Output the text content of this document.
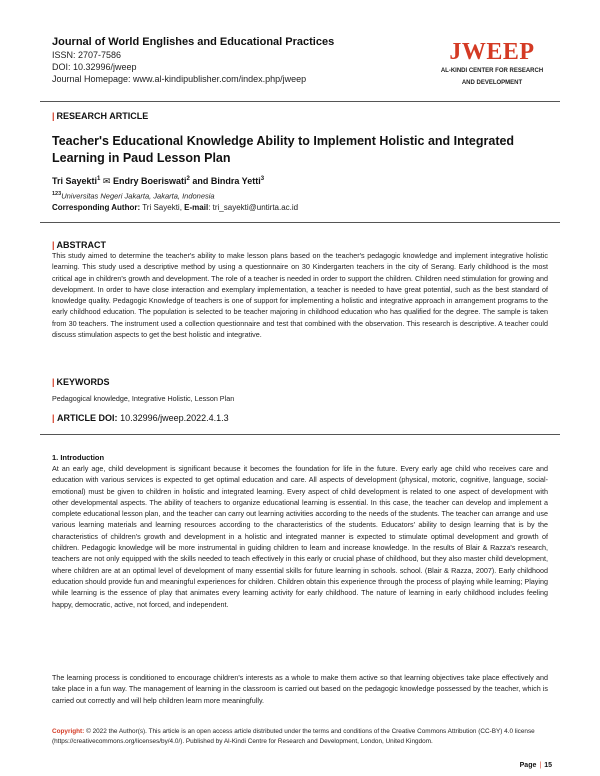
Journal of World Englishes and Educational Practices
ISSN: 2707-7586
DOI: 10.32996/jweep
Journal Homepage: www.al-kindipublisher.com/index.php/jweep
JWEEP
AL-KINDI CENTER FOR RESEARCH
AND DEVELOPMENT
| RESEARCH ARTICLE
Teacher's Educational Knowledge Ability to Implement Holistic and Integrated Learning in Paud Lesson Plan
Tri Sayekti$^1$ ✉ Endry Boeriswati$^2$ and Bindra Yetti$^3$
$^{123}$Universitas Negeri Jakarta, Jakarta, Indonesia
Corresponding Author: Tri Sayekti, E-mail: tri_sayekti@untirta.ac.id
| ABSTRACT
This study aimed to determine the teacher's ability to make lesson plans based on the teacher's pedagogic knowledge and implement integrative holistic learning. This study used a descriptive method by using a questionnaire on 30 Kindergarten teachers in the city of Serang. Early childhood is the most critical age in children's growth and development. The role of a teacher is needed in order to support the children. Children need stimulation for growing and development. In order to have close interaction and exemplary implementation, a teacher is needed to have great potential, such as the best standard of knowledge quality. Pedagogic Knowledge of teachers is one of support for implementing a holistic and integrative approach in arrangement programs to the early childhood education. The population is selected to be teacher majoring in childhood education who has qualified for the degree. The sample is taken from 30 teachers. The instrument used a collection questionnaire and test that combined with the observation. This research is descriptive. A teacher could discuss stimulation aspects to get the best holistic and integrative.
| KEYWORDS
Pedagogical knowledge, Integrative Holistic, Lesson Plan
| ARTICLE DOI: 10.32996/jweep.2022.4.1.3
1. Introduction
At an early age, child development is significant because it becomes the foundation for life in the future. Every early age child who receives care and education with various services is expected to get optimal education and care. All aspects of development (physical, motoric, cognitive, language, social-emotional) must be given to children in holistic and integrated learning. Every aspect of child development is related to one aspect of development with other developmental aspects. The ability of teachers to organize educational learning is essential. In this case, the teacher can develop and implement a complete educational lesson plan, and the teacher can carry out learning activities according to the needs of the students. The teacher can arrange and use various learning materials and learning resources according to the characteristics of the students. Educators' ability to design learning that is by the characteristics of children's growth and development in a holistic and integrated manner is expected to stimulate optimal development and growth of children. Pedagogic knowledge will be more instrumental in guiding children to learn and increase knowledge. In the results of Blair & Razza's research, teachers are not only equipped with the skills needed to teach effectively in this early or crucial phase of childhood, but they also master child development, where children are at an optimal level of development of many essential skills for future learning in schools. school. (Blair & Razza, 2007). Early childhood education should provide fun and meaningful experiences for children. Children obtain this experience through the process of playing while learning; Playing while learning is the essence of play that animates every learning activity for early childhood. The nature of learning in early childhood includes feeling happy, democratic, active, not forced, and independent.
The learning process is conditioned to encourage children's interests as a whole to make them active so that learning objectives take place effectively and take place in a fun way. The management of learning in the classroom is carried out based on the pedagogic knowledge possessed by the teacher, which is carried out correctly and will help children learn more meaningfully.
Copyright: © 2022 the Author(s). This article is an open access article distributed under the terms and conditions of the Creative Commons Attribution (CC-BY) 4.0 license (https://creativecommons.org/licenses/by/4.0/). Published by Al-Kindi Centre for Research and Development, London, United Kingdom.
Page | 15
